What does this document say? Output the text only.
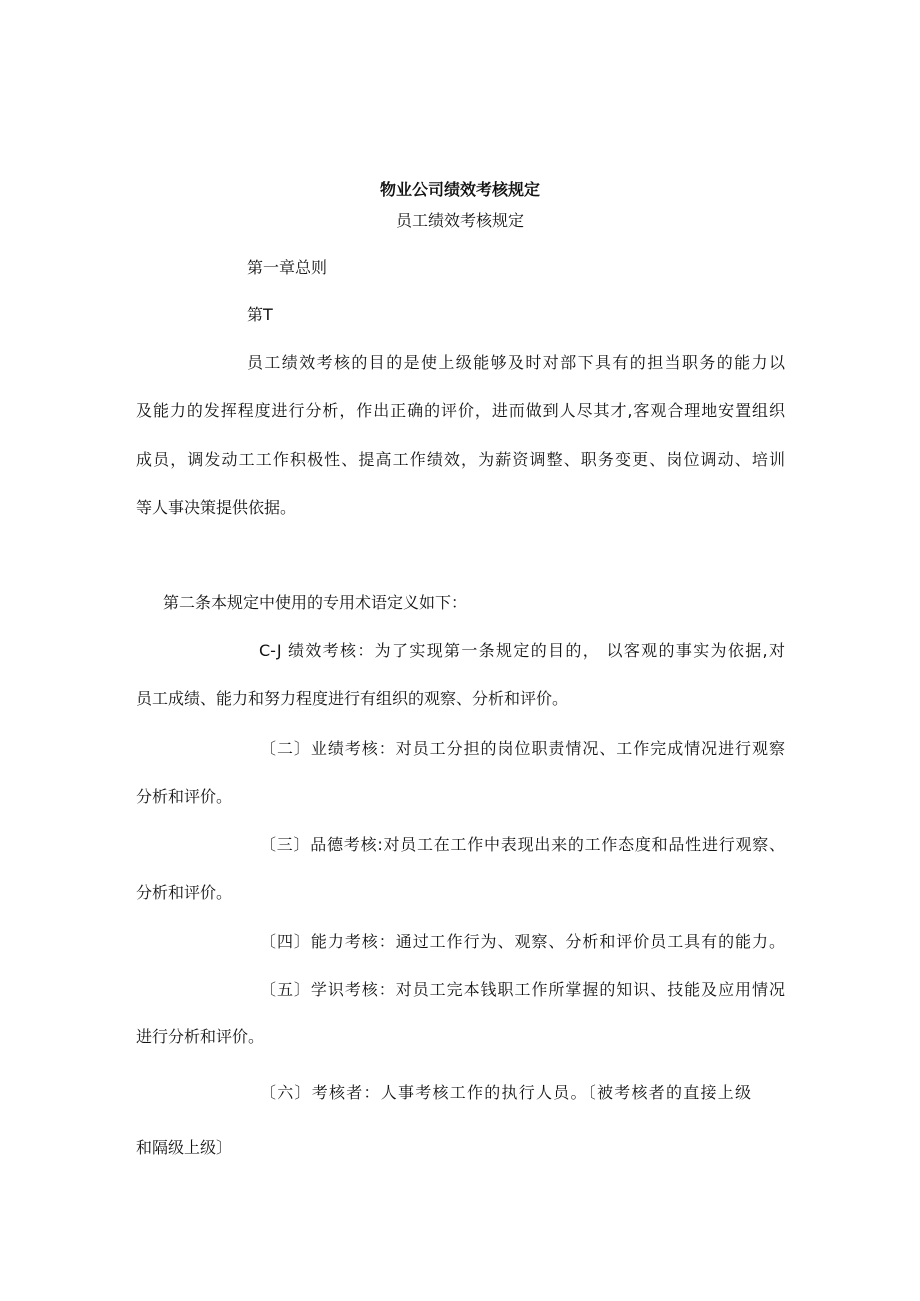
物业公司绩效考核规定

员工绩效考核规定

第一章总则

第T

员工绩效考核的目的是使上级能够及时对部下具有的担当职务的能力以

及能力的发挥程度进行分析，作出正确的评价，进而做到人尽其才,客观合理地安置组织

成员，调发动工工作积极性、提高工作绩效，为薪资调整、职务变更、岗位调动、培训

等人事决策提供依据。

第二条本规定中使用的专用术语定义如下：

C-J 绩效考核：为了实现第一条规定的目的， 以客观的事实为依据,对

员工成绩、能力和努力程度进行有组织的观察、分析和评价。

〔二〕业绩考核：对员工分担的岗位职责情况、工作完成情况进行观察

分析和评价。

〔三〕品德考核:对员工在工作中表现出来的工作态度和品性进行观察、

分析和评价。

〔四〕能力考核：通过工作行为、观察、分析和评价员工具有的能力。

〔五〕学识考核：对员工完本钱职工作所掌握的知识、技能及应用情况

进行分析和评价。

〔六〕考核者：人事考核工作的执行人员。〔被考核者的直接上级

和隔级上级〕
